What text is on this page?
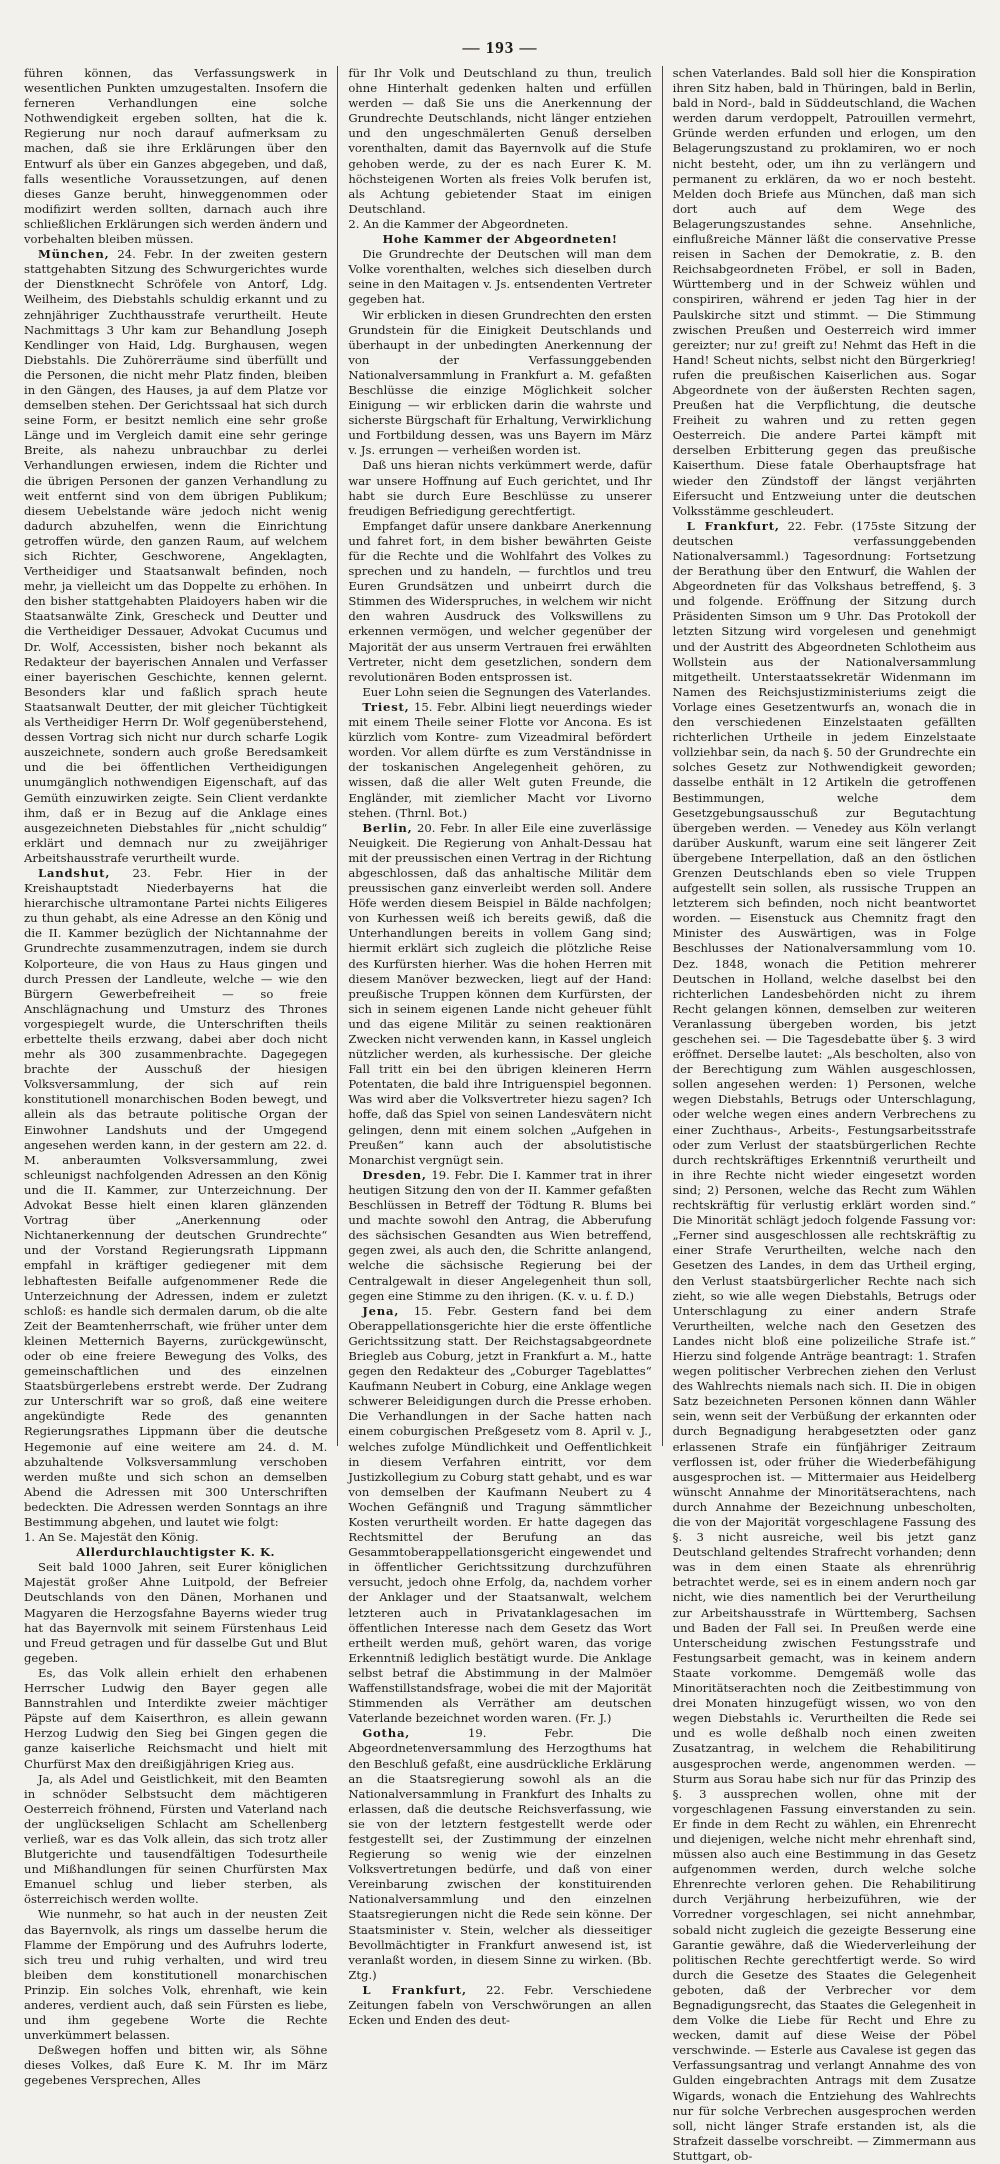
— 193 —

führen können, das Verfassungswerk in wesentlichen Punkten umzugestalten. Insofern die ferneren Verhandlungen eine solche Nothwendigkeit ergeben sollten, hat die k. Regierung nur noch darauf aufmerksam zu machen, daß sie ihre Erklärungen über den Entwurf als über ein Ganzes abgegeben, und daß, falls wesentliche Voraussetzungen, auf denen dieses Ganze beruht, hinweggenommen oder modifizirt werden sollten, darnach auch ihre schließlichen Erklärungen sich werden ändern und vorbehalten bleiben müssen.

München, 24. Febr. In der zweiten gestern stattgehabten Sitzung des Schwurgerichtes wurde der Dienstknecht Schröfele von Antorf, Ldg. Weilheim, des Diebstahls schuldig erkannt und zu zehnjähriger Zuchthausstrafe verurtheilt. Heute Nachmittags 3 Uhr kam zur Behandlung Joseph Kendlinger von Haid, Ldg. Burghausen, wegen Diebstahls. Die Zuhörerräume sind überfüllt und die Personen, die nicht mehr Platz finden, bleiben in den Gängen, des Hauses, ja auf dem Platze vor demselben stehen. Der Gerichtssaal hat sich durch seine Form, er besitzt nemlich eine sehr große Länge und im Vergleich damit eine sehr geringe Breite, als nahezu unbrauchbar zu derlei Verhandlungen erwiesen, indem die Richter und die übrigen Personen der ganzen Verhandlung zu weit entfernt sind von dem übrigen Publikum; diesem Uebelstande wäre jedoch nicht wenig dadurch abzuhelfen, wenn die Einrichtung getroffen würde, den ganzen Raum, auf welchem sich Richter, Geschworene, Angeklagten, Vertheidiger und Staatsanwalt befinden, noch mehr, ja vielleicht um das Doppelte zu erhöhen. In den bisher stattgehabten Plaidoyers haben wir die Staatsanwälte Zink, Grescheck und Deutter und die Vertheidiger Dessauer, Advokat Cucumus und Dr. Wolf, Accessisten, bisher noch bekannt als Redakteur der bayerischen Annalen und Verfasser einer bayerischen Geschichte, kennen gelernt. Besonders klar und faßlich sprach heute Staatsanwalt Deutter, der mit gleicher Tüchtigkeit als Vertheidiger Herrn Dr. Wolf gegenüberstehend, dessen Vortrag sich nicht nur durch scharfe Logik auszeichnete, sondern auch große Beredsamkeit und die bei öffentlichen Vertheidigungen unumgänglich nothwendigen Eigenschaft, auf das Gemüth einzuwirken zeigte. Sein Client verdankte ihm, daß er in Bezug auf die Anklage eines ausgezeichneten Diebstahles für „nicht schuldig“ erklärt und demnach nur zu zweijähriger Arbeitshausstrafe verurtheilt wurde.

Landshut, 23. Febr. Hier in der Kreishauptstadt Niederbayerns hat die hierarchische ultramontane Partei nichts Eiligeres zu thun gehabt, als eine Adresse an den König und die II. Kammer bezüglich der Nichtannahme der Grundrechte zusammenzutragen, indem sie durch Kolporteure, die von Haus zu Haus gingen und durch Pressen der Landleute, welche — wie den Bürgern Gewerbefreiheit — so freie Anschlägnachung und Umsturz des Thrones vorgespiegelt wurde, die Unterschriften theils erbettelte theils erzwang, dabei aber doch nicht mehr als 300 zusammenbrachte. Dagegegen brachte der Ausschuß der hiesigen Volksversammlung, der sich auf rein konstitutionell monarchischen Boden bewegt, und allein als das betraute politische Organ der Einwohner Landshuts und der Umgegend angesehen werden kann, in der gestern am 22. d. M. anberaumten Volksversammlung, zwei schleunigst nachfolgenden Adressen an den König und die II. Kammer, zur Unterzeichnung. Der Advokat Besse hielt einen klaren glänzenden Vortrag über „Anerkennung oder Nichtanerkennung der deutschen Grundrechte“ und der Vorstand Regierungsrath Lippmann empfahl in kräftiger gediegener mit dem lebhaftesten Beifalle aufgenommener Rede die Unterzeichnung der Adressen, indem er zuletzt schloß: es handle sich dermalen darum, ob die alte Zeit der Beamtenherrschaft, wie früher unter dem kleinen Metternich Bayerns, zurückgewünscht, oder ob eine freiere Bewegung des Volks, des gemeinschaftlichen und des einzelnen Staatsbürgerlebens erstrebt werde. Der Zudrang zur Unterschrift war so groß, daß eine weitere angekündigte Rede des genannten Regierungsrathes Lippmann über die deutsche Hegemonie auf eine weitere am 24. d. M. abzuhaltende Volksversammlung verschoben werden mußte und sich schon an demselben Abend die Adressen mit 300 Unterschriften bedeckten. Die Adressen werden Sonntags an ihre Bestimmung abgehen, und lautet wie folgt:

1. An Se. Majestät den König.

Allerdurchlauchtigster K. K.

Seit bald 1000 Jahren, seit Eurer königlichen Majestät großer Ahne Luitpold, der Befreier Deutschlands von den Dänen, Morhanen und Magyaren die Herzogsfahne Bayerns wieder trug hat das Bayernvolk mit seinem Fürstenhaus Leid und Freud getragen und für dasselbe Gut und Blut gegeben.

Es, das Volk allein erhielt den erhabenen Herrscher Ludwig den Bayer gegen alle Bannstrahlen und Interdikte zweier mächtiger Päpste auf dem Kaiserthron, es allein gewann Herzog Ludwig den Sieg bei Gingen gegen die ganze kaiserliche Reichsmacht und hielt mit Churfürst Max den dreißigjährigen Krieg aus.

Ja, als Adel und Geistlichkeit, mit den Beamten in schnöder Selbstsucht dem mächtigeren Oesterreich fröhnend, Fürsten und Vaterland nach der unglückseligen Schlacht am Schellenberg verließ, war es das Volk allein, das sich trotz aller Blutgerichte und tausendfältigen Todesurtheile und Mißhandlungen für seinen Churfürsten Max Emanuel schlug und lieber sterben, als österreichisch werden wollte.

Wie nunmehr, so hat auch in der neusten Zeit das Bayernvolk, als rings um dasselbe herum die Flamme der Empörung und des Aufruhrs loderte, sich treu und ruhig verhalten, und wird treu bleiben dem konstitutionell monarchischen Prinzip. Ein solches Volk, ehrenhaft, wie kein anderes, verdient auch, daß sein Fürsten es liebe, und ihm gegebene Worte die Rechte unverkümmert belassen.

Deßwegen hoffen und bitten wir, als Söhne dieses Volkes, daß Eure K. M. Ihr im März gegebenes Versprechen, Alles

für Ihr Volk und Deutschland zu thun, treulich ohne Hinterhalt gedenken halten und erfüllen werden — daß Sie uns die Anerkennung der Grundrechte Deutschlands, nicht länger entziehen und den ungeschmälerten Genuß derselben vorenthalten, damit das Bayernvolk auf die Stufe gehoben werde, zu der es nach Eurer K. M. höchsteigenen Worten als freies Volk berufen ist, als Achtung gebietender Staat im einigen Deutschland.

2. An die Kammer der Abgeordneten.

Hohe Kammer der Abgeordneten!

Die Grundrechte der Deutschen will man dem Volke vorenthalten, welches sich dieselben durch seine in den Maitagen v. Js. entsendenten Vertreter gegeben hat.

Wir erblicken in diesen Grundrechten den ersten Grundstein für die Einigkeit Deutschlands und überhaupt in der unbedingten Anerkennung der von der Verfassunggebenden Nationalversammlung in Frankfurt a. M. gefaßten Beschlüsse die einzige Möglichkeit solcher Einigung — wir erblicken darin die wahrste und sicherste Bürgschaft für Erhaltung, Verwirklichung und Fortbildung dessen, was uns Bayern im März v. Js. errungen — verheißen worden ist.

Daß uns hieran nichts verkümmert werde, dafür war unsere Hoffnung auf Euch gerichtet, und Ihr habt sie durch Eure Beschlüsse zu unserer freudigen Befriedigung gerechtfertigt.

Empfanget dafür unsere dankbare Anerkennung und fahret fort, in dem bisher bewährten Geiste für die Rechte und die Wohlfahrt des Volkes zu sprechen und zu handeln, — furchtlos und treu Euren Grundsätzen und unbeirrt durch die Stimmen des Widerspruches, in welchem wir nicht den wahren Ausdruck des Volkswillens zu erkennen vermögen, und welcher gegenüber der Majorität der aus unserm Vertrauen frei erwählten Vertreter, nicht dem gesetzlichen, sondern dem revolutionären Boden entsprossen ist.

Euer Lohn seien die Segnungen des Vaterlandes.

Triest, 15. Febr. Albini liegt neuerdings wieder mit einem Theile seiner Flotte vor Ancona. Es ist kürzlich vom Kontre- zum Vizeadmiral befördert worden. Vor allem dürfte es zum Verständnisse in der toskanischen Angelegenheit gehören, zu wissen, daß die aller Welt guten Freunde, die Engländer, mit ziemlicher Macht vor Livorno stehen. (Thrnl. Bot.)

Berlin, 20. Febr. In aller Eile eine zuverlässige Neuigkeit. Die Regierung von Anhalt-Dessau hat mit der preussischen einen Vertrag in der Richtung abgeschlossen, daß das anhaltische Militär dem preussischen ganz einverleibt werden soll. Andere Höfe werden diesem Beispiel in Bälde nachfolgen; von Kurhessen weiß ich bereits gewiß, daß die Unterhandlungen bereits in vollem Gang sind; hiermit erklärt sich zugleich die plötzliche Reise des Kurfürsten hierher. Was die hohen Herren mit diesem Manöver bezwecken, liegt auf der Hand: preußische Truppen können dem Kurfürsten, der sich in seinem eigenen Lande nicht geheuer fühlt und das eigene Militär zu seinen reaktionären Zwecken nicht verwenden kann, in Kassel ungleich nützlicher werden, als kurhessische. Der gleiche Fall tritt ein bei den übrigen kleineren Herrn Potentaten, die bald ihre Intriguenspiel begonnen. Was wird aber die Volksvertreter hiezu sagen? Ich hoffe, daß das Spiel von seinen Landesvätern nicht gelingen, denn mit einem solchen „Aufgehen in Preußen“ kann auch der absolutistische Monarchist vergnügt sein.

Dresden, 19. Febr. Die I. Kammer trat in ihrer heutigen Sitzung den von der II. Kammer gefaßten Beschlüssen in Betreff der Tödtung R. Blums bei und machte sowohl den Antrag, die Abberufung des sächsischen Gesandten aus Wien betreffend, gegen zwei, als auch den, die Schritte anlangend, welche die sächsische Regierung bei der Centralgewalt in dieser Angelegenheit thun soll, gegen eine Stimme zu den ihrigen. (K. v. u. f. D.)

Jena, 15. Febr. Gestern fand bei dem Oberappellationsgerichte hier die erste öffentliche Gerichtssitzung statt. Der Reichstagsabgeordnete Briegleb aus Coburg, jetzt in Frankfurt a. M., hatte gegen den Redakteur des „Coburger Tageblattes“ Kaufmann Neubert in Coburg, eine Anklage wegen schwerer Beleidigungen durch die Presse erhoben. Die Verhandlungen in der Sache hatten nach einem coburgischen Preßgesetz vom 8. April v. J., welches zufolge Mündlichkeit und Oeffentlichkeit in diesem Verfahren eintritt, vor dem Justizkollegium zu Coburg statt gehabt, und es war von demselben der Kaufmann Neubert zu 4 Wochen Gefängniß und Tragung sämmtlicher Kosten verurtheilt worden. Er hatte dagegen das Rechtsmittel der Berufung an das Gesammtoberappellationsgericht eingewendet und in öffentlicher Gerichtssitzung durchzuführen versucht, jedoch ohne Erfolg, da, nachdem vorher der Anklager und der Staatsanwalt, welchem letzteren auch in Privatanklagesachen im öffentlichen Interesse nach dem Gesetz das Wort ertheilt werden muß, gehört waren, das vorige Erkenntniß lediglich bestätigt wurde. Die Anklage selbst betraf die Abstimmung in der Malmöer Waffenstillstandsfrage, wobei die mit der Majorität Stimmenden als Verräther am deutschen Vaterlande bezeichnet worden waren. (Fr. J.)

Gotha, 19. Febr. Die Abgeordnetenversammlung des Herzogthums hat den Beschluß gefaßt, eine ausdrückliche Erklärung an die Staatsregierung sowohl als an die Nationalversammlung in Frankfurt des Inhalts zu erlassen, daß die deutsche Reichsverfassung, wie sie von der letztern festgestellt werde oder festgestellt sei, der Zustimmung der einzelnen Regierung so wenig wie der einzelnen Volksvertretungen bedürfe, und daß von einer Vereinbarung zwischen der konstituirenden Nationalversammlung und den einzelnen Staatsregierungen nicht die Rede sein könne. Der Staatsminister v. Stein, welcher als diesseitiger Bevollmächtigter in Frankfurt anwesend ist, ist veranlaßt worden, in diesem Sinne zu wirken. (Bb. Ztg.)

L Frankfurt, 22. Febr. Verschiedene Zeitungen fabeln von Verschwörungen an allen Ecken und Enden des deut-

schen Vaterlandes. Bald soll hier die Konspiration ihren Sitz haben, bald in Thüringen, bald in Berlin, bald in Nord-, bald in Süddeutschland, die Wachen werden darum verdoppelt, Patrouillen vermehrt, Gründe werden erfunden und erlogen, um den Belagerungszustand zu proklamiren, wo er noch nicht besteht, oder, um ihn zu verlängern und permanent zu erklären, da wo er noch besteht. Melden doch Briefe aus München, daß man sich dort auch auf dem Wege des Belagerungszustandes sehne. Ansehnliche, einflußreiche Männer läßt die conservative Presse reisen in Sachen der Demokratie, z. B. den Reichsabgeordneten Fröbel, er soll in Baden, Württemberg und in der Schweiz wühlen und conspiriren, während er jeden Tag hier in der Paulskirche sitzt und stimmt. — Die Stimmung zwischen Preußen und Oesterreich wird immer gereizter; nur zu! greift zu! Nehmt das Heft in die Hand! Scheut nichts, selbst nicht den Bürgerkrieg! rufen die preußischen Kaiserlichen aus. Sogar Abgeordnete von der äußersten Rechten sagen, Preußen hat die Verpflichtung, die deutsche Freiheit zu wahren und zu retten gegen Oesterreich. Die andere Partei kämpft mit derselben Erbitterung gegen das preußische Kaiserthum. Diese fatale Oberhauptsfrage hat wieder den Zündstoff der längst verjährten Eifersucht und Entzweiung unter die deutschen Volksstämme geschleudert.

L Frankfurt, 22. Febr. (175ste Sitzung der deutschen verfassunggebenden Nationalversamml.) Tagesordnung: Fortsetzung der Berathung über den Entwurf, die Wahlen der Abgeordneten für das Volkshaus betreffend, §. 3 und folgende. Eröffnung der Sitzung durch Präsidenten Simson um 9 Uhr. Das Protokoll der letzten Sitzung wird vorgelesen und genehmigt und der Austritt des Abgeordneten Schlotheim aus Wollstein aus der Nationalversammlung mitgetheilt. Unterstaatssekretär Widenmann im Namen des Reichsjustizministeriums zeigt die Vorlage eines Gesetzentwurfs an, wonach die in den verschiedenen Einzelstaaten gefällten richterlichen Urtheile in jedem Einzelstaate vollziehbar sein, da nach §. 50 der Grundrechte ein solches Gesetz zur Nothwendigkeit geworden; dasselbe enthält in 12 Artikeln die getroffenen Bestimmungen, welche dem Gesetzgebungsausschuß zur Begutachtung übergeben werden. — Venedey aus Köln verlangt darüber Auskunft, warum eine seit längerer Zeit übergebene Interpellation, daß an den östlichen Grenzen Deutschlands eben so viele Truppen aufgestellt sein sollen, als russische Truppen an letzterem sich befinden, noch nicht beantwortet worden. — Eisenstuck aus Chemnitz fragt den Minister des Auswärtigen, was in Folge Beschlusses der Nationalversammlung vom 10. Dez. 1848, wonach die Petition mehrerer Deutschen in Holland, welche daselbst bei den richterlichen Landesbehörden nicht zu ihrem Recht gelangen können, demselben zur weiteren Veranlassung übergeben worden, bis jetzt geschehen sei. — Die Tagesdebatte über §. 3 wird eröffnet. Derselbe lautet: „Als bescholten, also von der Berechtigung zum Wählen ausgeschlossen, sollen angesehen werden: 1) Personen, welche wegen Diebstahls, Betrugs oder Unterschlagung, oder welche wegen eines andern Verbrechens zu einer Zuchthaus-, Arbeits-, Festungsarbeitsstrafe oder zum Verlust der staatsbürgerlichen Rechte durch rechtskräftiges Erkenntniß verurtheilt und in ihre Rechte nicht wieder eingesetzt worden sind; 2) Personen, welche das Recht zum Wählen rechtskräftig für verlustig erklärt worden sind.“ Die Minorität schlägt jedoch folgende Fassung vor: „Ferner sind ausgeschlossen alle rechtskräftig zu einer Strafe Verurtheilten, welche nach den Gesetzen des Landes, in dem das Urtheil erging, den Verlust staatsbürgerlicher Rechte nach sich zieht, so wie alle wegen Diebstahls, Betrugs oder Unterschlagung zu einer andern Strafe Verurtheilten, welche nach den Gesetzen des Landes nicht bloß eine polizeiliche Strafe ist.“ Hierzu sind folgende Anträge beantragt: 1. Strafen wegen politischer Verbrechen ziehen den Verlust des Wahlrechts niemals nach sich. II. Die in obigen Satz bezeichneten Personen können dann Wähler sein, wenn seit der Verbüßung der erkannten oder durch Begnadigung herabgesetzten oder ganz erlassenen Strafe ein fünfjähriger Zeitraum verflossen ist, oder früher die Wiederbefähigung ausgesprochen ist. — Mittermaier aus Heidelberg wünscht Annahme der Minoritätserachtens, nach durch Annahme der Bezeichnung unbescholten, die von der Majorität vorgeschlagene Fassung des §. 3 nicht ausreiche, weil bis jetzt ganz Deutschland geltendes Strafrecht vorhanden; denn was in dem einen Staate als ehrenrührig betrachtet werde, sei es in einem andern noch gar nicht, wie dies namentlich bei der Verurtheilung zur Arbeitshausstrafe in Württemberg, Sachsen und Baden der Fall sei. In Preußen werde eine Unterscheidung zwischen Festungsstrafe und Festungsarbeit gemacht, was in keinem andern Staate vorkomme. Demgemäß wolle das Minoritätserachten noch die Zeitbestimmung von drei Monaten hinzugefügt wissen, wo von den wegen Diebstahls ic. Verurtheilten die Rede sei und es wolle deßhalb noch einen zweiten Zusatzantrag, in welchem die Rehabilitirung ausgesprochen werde, angenommen werden. — Sturm aus Sorau habe sich nur für das Prinzip des §. 3 aussprechen wollen, ohne mit der vorgeschlagenen Fassung einverstanden zu sein. Er finde in dem Recht zu wählen, ein Ehrenrecht und diejenigen, welche nicht mehr ehrenhaft sind, müssen also auch eine Bestimmung in das Gesetz aufgenommen werden, durch welche solche Ehrenrechte verloren gehen. Die Rehabilitirung durch Verjährung herbeizuführen, wie der Vorredner vorgeschlagen, sei nicht annehmbar, sobald nicht zugleich die gezeigte Besserung eine Garantie gewähre, daß die Wiederverleihung der politischen Rechte gerechtfertigt werde. So wird durch die Gesetze des Staates die Gelegenheit geboten, daß der Verbrecher vor dem Begnadigungsrecht, das Staates die Gelegenheit in dem Volke die Liebe für Recht und Ehre zu wecken, damit auf diese Weise der Pöbel verschwinde. — Esterle aus Cavalese ist gegen das Verfassungsantrag und verlangt Annahme des von Gulden eingebrachten Antrags mit dem Zusatze Wigards, wonach die Entziehung des Wahlrechts nur für solche Verbrechen ausgesprochen werden soll, nicht länger Strafe erstanden ist, als die Strafzeit dasselbe vorschreibt. — Zimmermann aus Stuttgart, ob-
